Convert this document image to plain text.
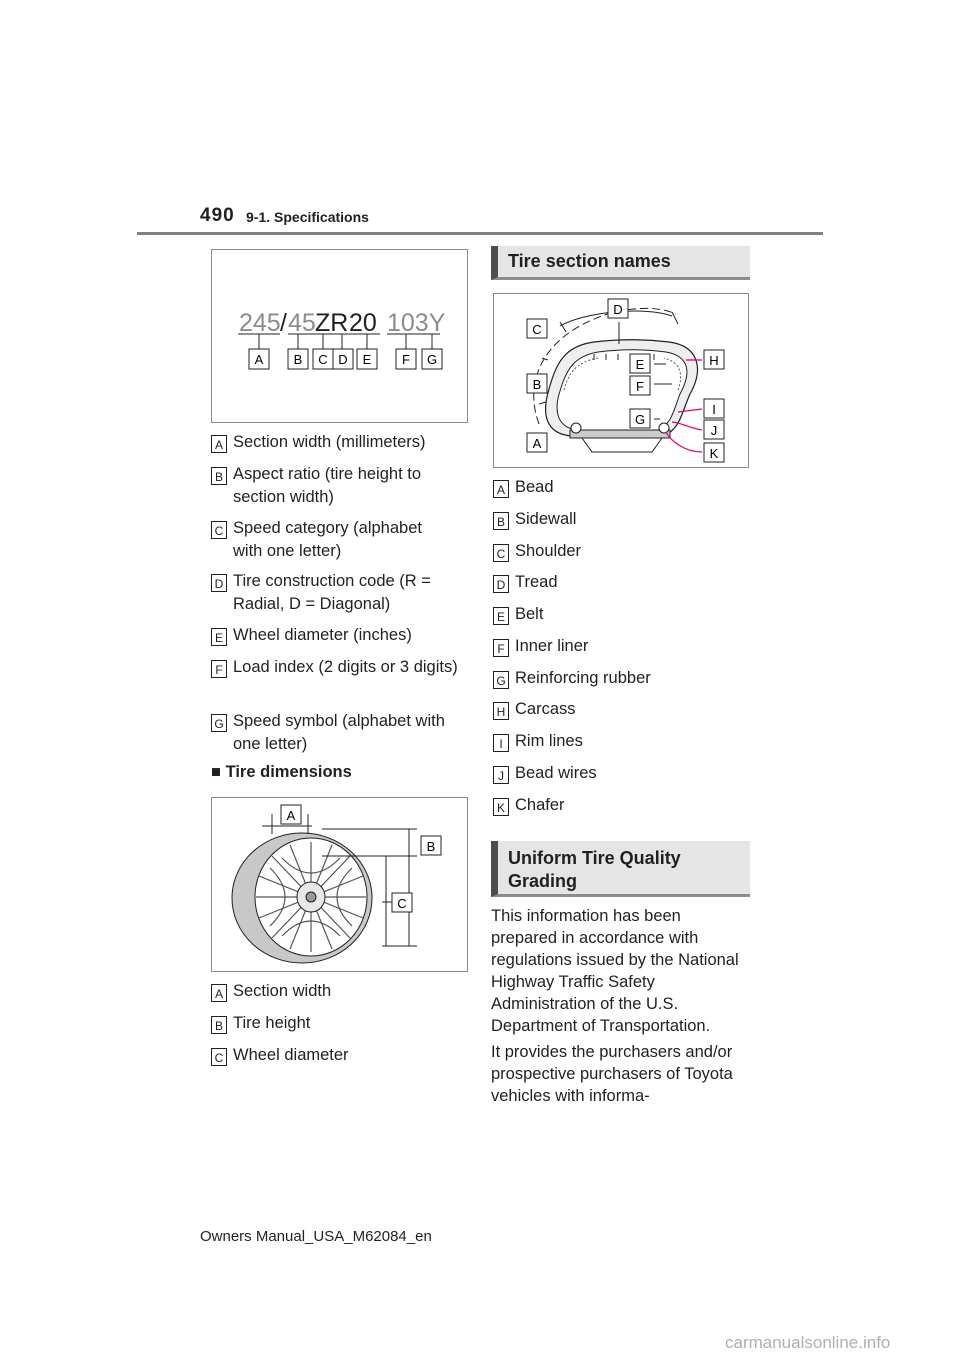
490 9-1. Specifications
245 / 45 ZR 20 103Y
A B C D E F G
A Section width (millimeters)
B Aspect ratio (tire height to section width)
C Speed category (alphabet with one letter)
D Tire construction code (R = Radial, D = Diagonal)
E Wheel diameter (inches)
F Load index (2 digits or 3 digits)
G Speed symbol (alphabet with one letter)
■ Tire dimensions
A
B
C
A Section width
B Tire height
C Wheel diameter
Tire section names
C
D
E	H
B	F
G
I
A
J
K
A Bead
B Sidewall
C Shoulder
D Tread
E Belt
F Inner liner
G Reinforcing rubber
H Carcass
I Rim lines
J Bead wires
K Chafer
Uniform Tire Quality Grading
This information has been prepared in accordance with regulations issued by the National Highway Traffic Safety Administration of the U.S. Department of Transportation.
It provides the purchasers and/or prospective purchasers of Toyota vehicles with informa-
Owners Manual_USA_M62084_en
carmanualsonline.info
